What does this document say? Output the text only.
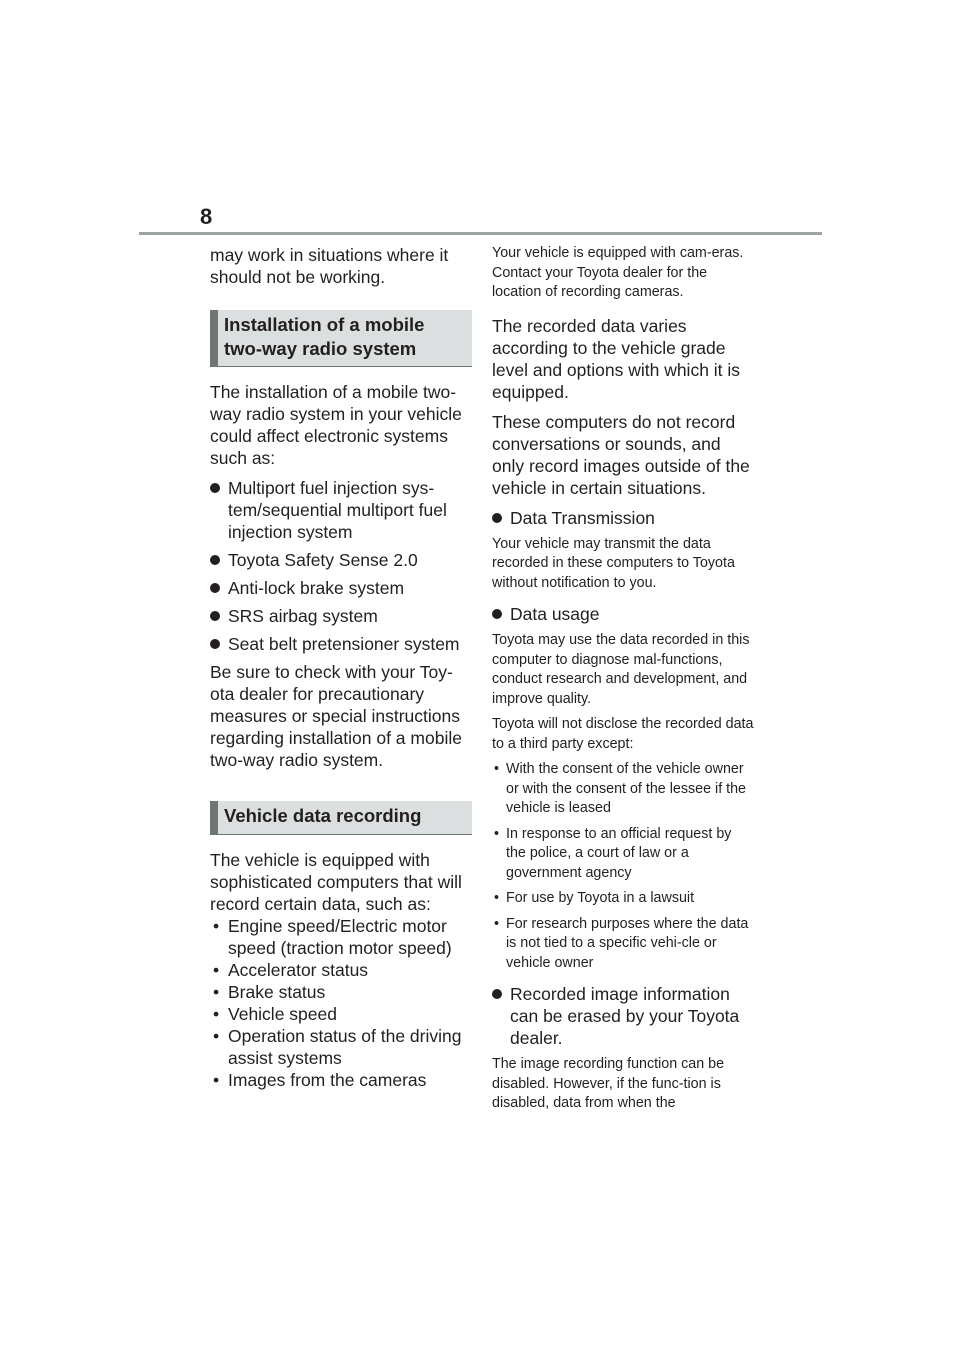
8

may work in situations where it should not be working.

Installation of a mobile two-way radio system

The installation of a mobile two-way radio system in your vehicle could affect electronic systems such as:

Multiport fuel injection sys-tem/sequential multiport fuel injection system

Toyota Safety Sense 2.0

Anti-lock brake system

SRS airbag system

Seat belt pretensioner system

Be sure to check with your Toy-ota dealer for precautionary measures or special instructions regarding installation of a mobile two-way radio system.

Vehicle data recording

The vehicle is equipped with sophisticated computers that will record certain data, such as:

• Engine speed/Electric motor speed (traction motor speed)

• Accelerator status

• Brake status

• Vehicle speed

• Operation status of the driving assist systems

• Images from the cameras

Your vehicle is equipped with cam-eras. Contact your Toyota dealer for the location of recording cameras.

The recorded data varies according to the vehicle grade level and options with which it is equipped.

These computers do not record conversations or sounds, and only record images outside of the vehicle in certain situations.

Data Transmission

Your vehicle may transmit the data recorded in these computers to Toyota without notification to you.

Data usage

Toyota may use the data recorded in this computer to diagnose mal-functions, conduct research and development, and improve quality.

Toyota will not disclose the recorded data to a third party except:

• With the consent of the vehicle owner or with the consent of the lessee if the vehicle is leased

• In response to an official request by the police, a court of law or a government agency

• For use by Toyota in a lawsuit

• For research purposes where the data is not tied to a specific vehi-cle or vehicle owner

Recorded image information can be erased by your Toyota dealer.

The image recording function can be disabled. However, if the func-tion is disabled, data from when the
